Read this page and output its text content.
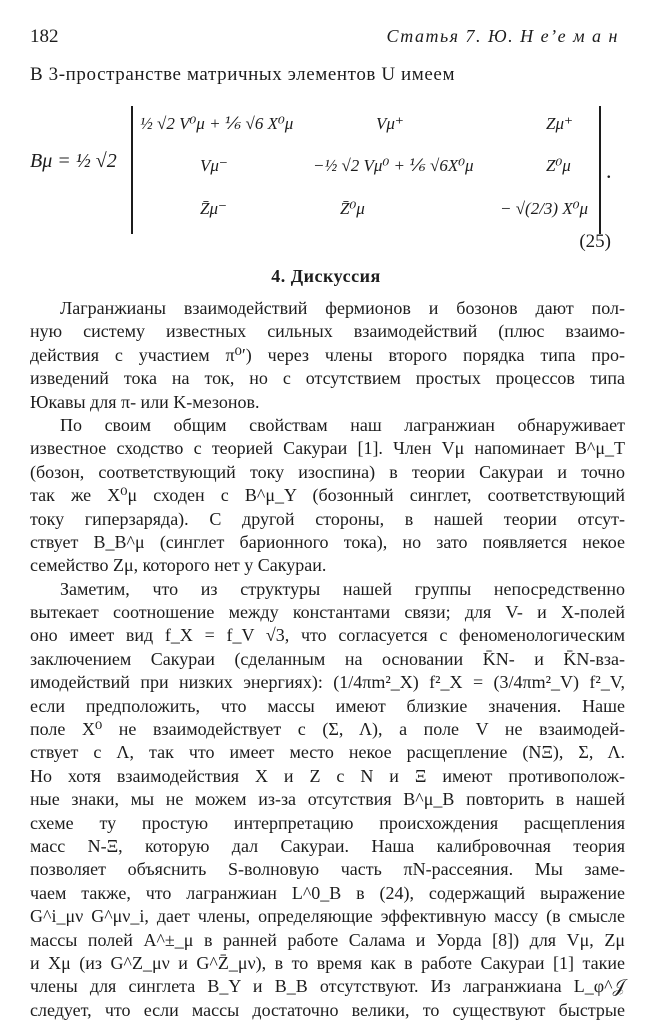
182	Статья 7. Ю. Н е’е м а н
В 3-пространстве матричных элементов U имеем
Bμ = ½ √2
½ √2 V⁰μ + ⅙ √6 X⁰μ	Vμ⁺	Zμ⁺
Vμ⁻	−½ √2 Vμ⁰ + ⅙ √6X⁰μ	Z⁰μ
Z̄μ⁻	Z̄⁰μ	− √(2/3) X⁰μ
.
(25)
4. Дискуссия
Лагранжианы взаимодействий фермионов и бозонов дают пол-
ную систему известных сильных взаимодействий (плюс взаимо-
действия с участием π⁰′) через члены второго порядка типа про-
изведений тока на ток, но с отсутствием простых процессов типа
Юкавы для π- или K-мезонов.
По своим общим свойствам наш лагранжиан обнаруживает
известное сходство с теорией Сакураи [1]. Член Vμ напоминает B^μ_T
(бозон, соответствующий току изоспина) в теории Сакураи и точно
так же X⁰μ сходен с B^μ_Y (бозонный синглет, соответствующий
току гиперзаряда). С другой стороны, в нашей теории отсут-
ствует B_B^μ (синглет барионного тока), но зато появляется некое
семейство Zμ, которого нет у Сакураи.
Заметим, что из структуры нашей группы непосредственно
вытекает соотношение между константами связи; для V- и X-полей
оно имеет вид f_X = f_V √3, что согласуется с феноменологическим
заключением Сакураи (сделанным на основании K̄N- и K̄N-вза-
имодействий при низких энергиях): (1/4πm²_X) f²_X = (3/4πm²_V) f²_V,
если предположить, что массы имеют близкие значения. Наше
поле X⁰ не взаимодействует с (Σ, Λ), а поле V не взаимодей-
ствует с Λ, так что имеет место некое расщепление (NΞ), Σ, Λ.
Но хотя взаимодействия X и Z с N и Ξ имеют противополож-
ные знаки, мы не можем из-за отсутствия B^μ_B повторить в нашей
схеме ту простую интерпретацию происхождения расщепления
масс N-Ξ, которую дал Сакураи. Наша калибровочная теория
позволяет объяснить S-волновую часть πN-рассеяния. Мы заме-
чаем также, что лагранжиан L^0_B в (24), содержащий выражение
G^i_μν G^μν_i, дает члены, определяющие эффективную массу (в смысле
массы полей A^±_μ в ранней работе Салама и Уорда [8]) для Vμ, Zμ
и Xμ (из G^Z_μν и G^Z̄_μν), в то время как в работе Сакураи [1] такие
члены для синглета B_Y и B_B отсутствуют. Из лагранжиана L_φ^𝒥
следует, что если массы достаточно велики, то существуют быстрые
